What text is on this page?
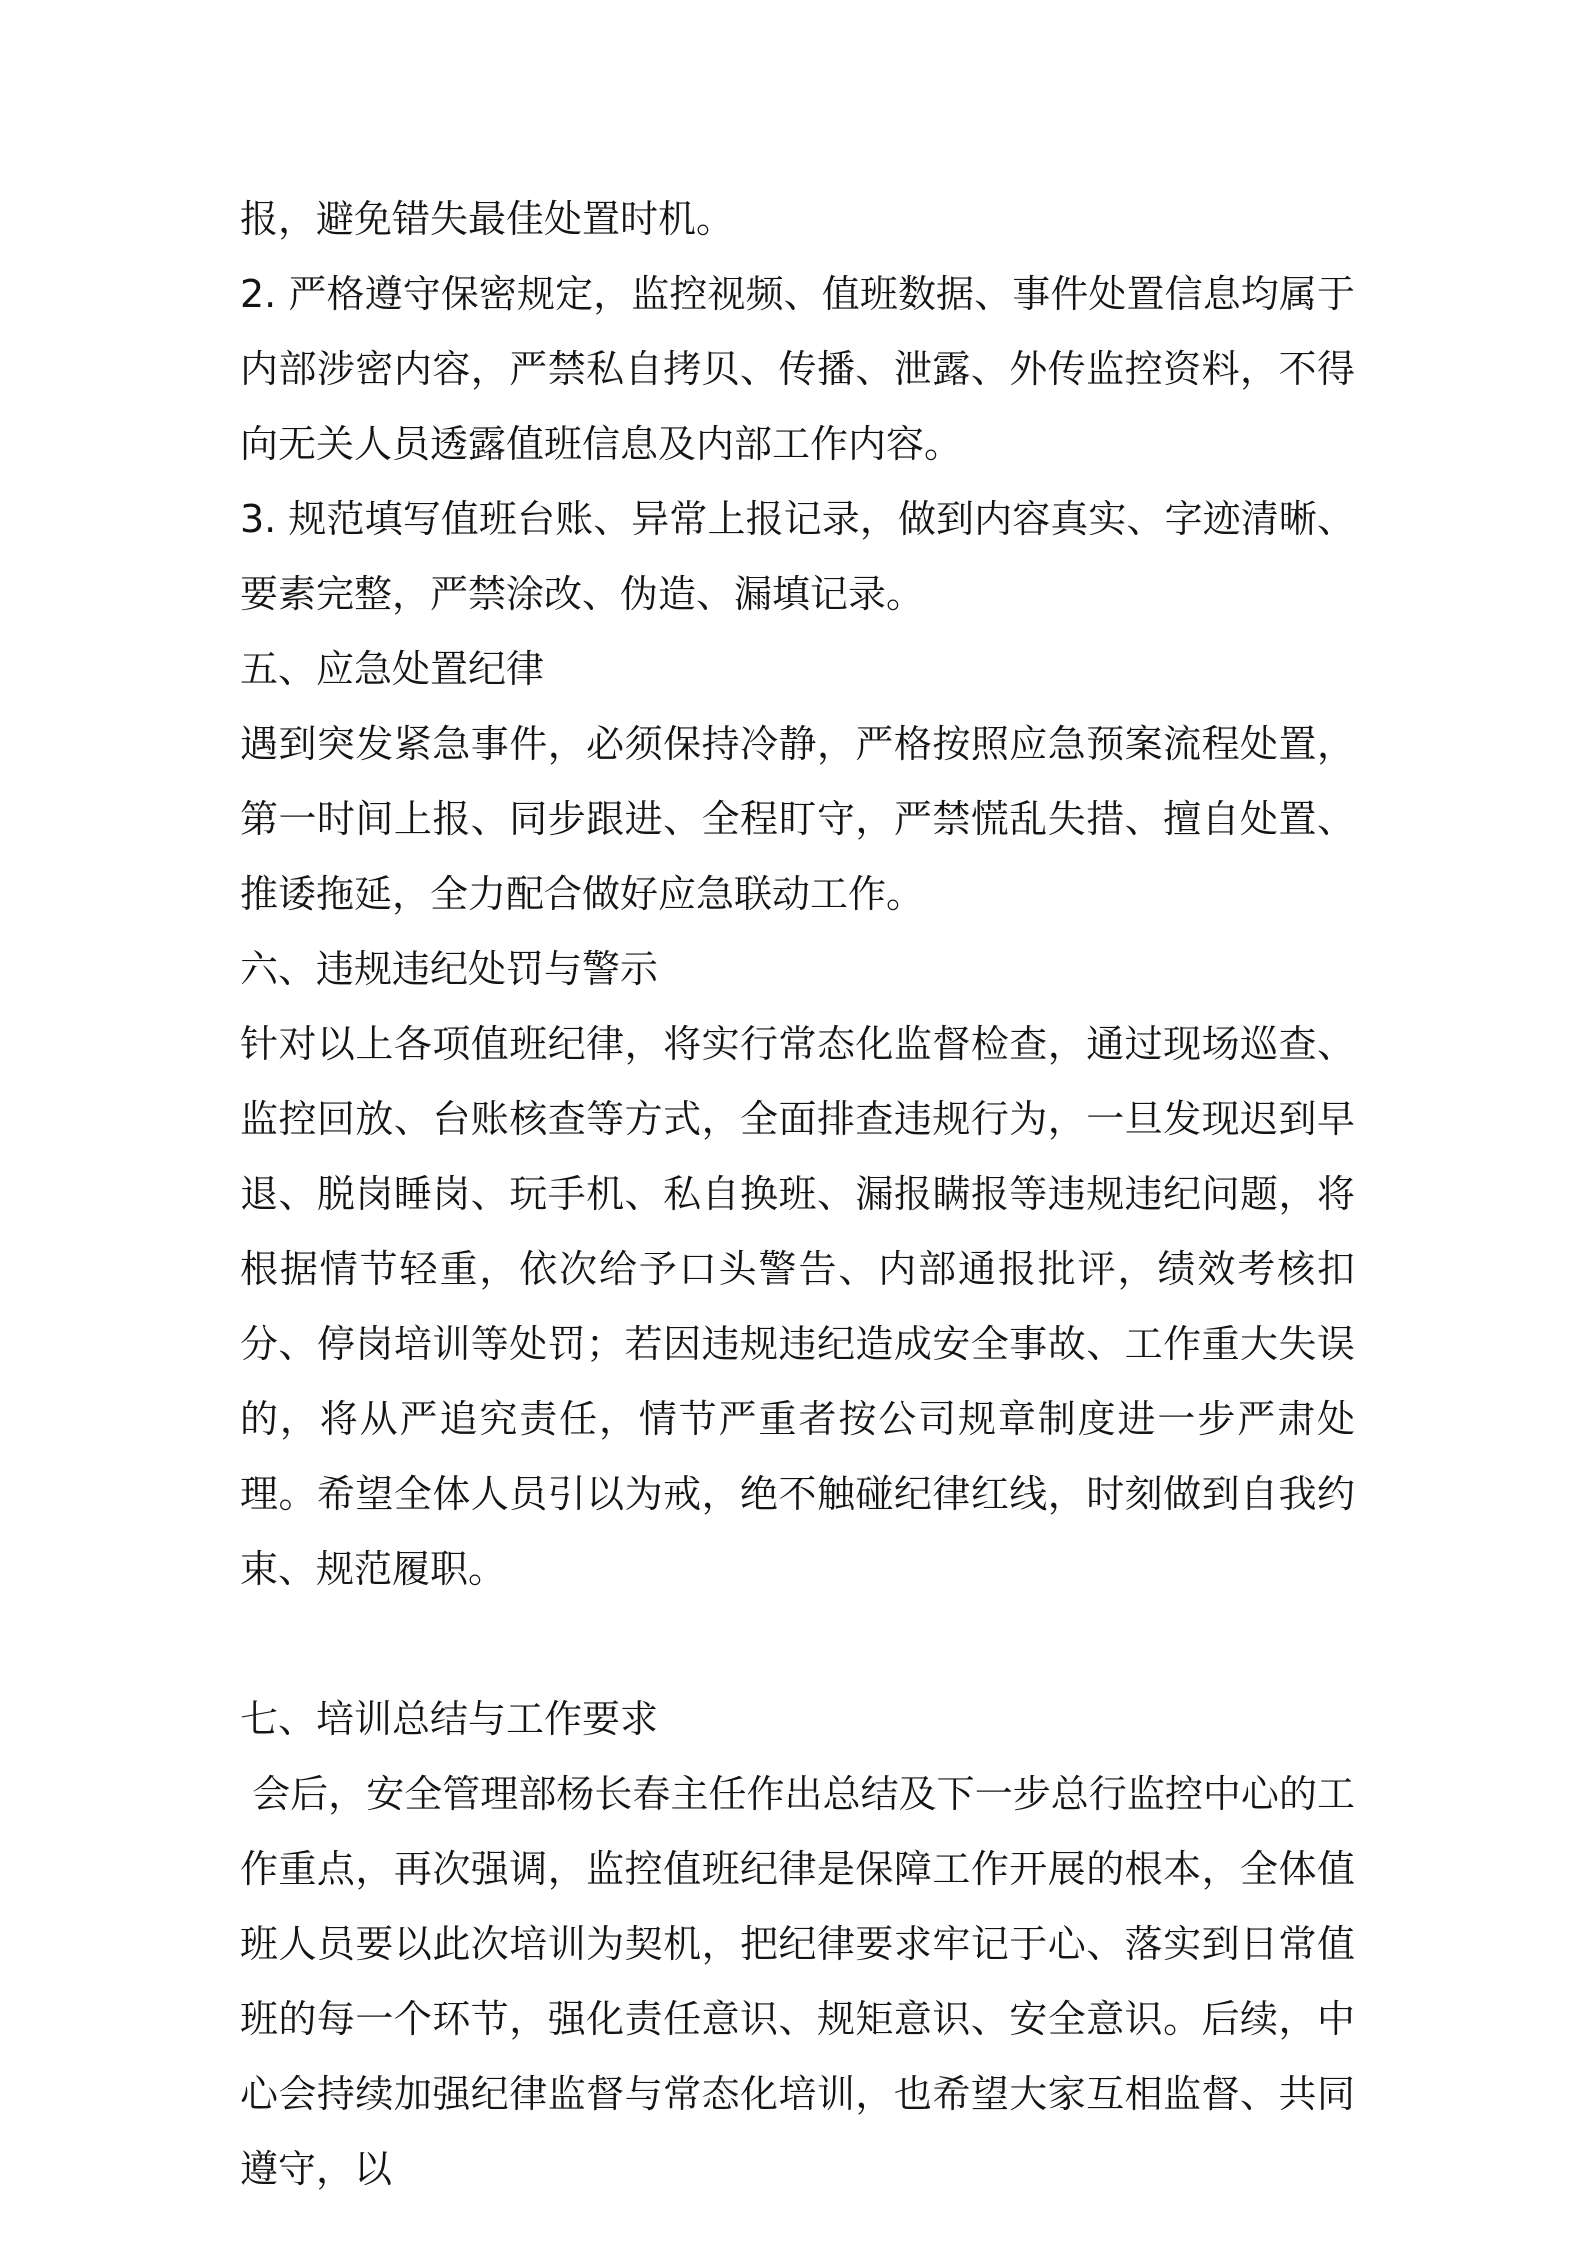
报，避免错失最佳处置时机。

2. 严格遵守保密规定，监控视频、值班数据、事件处置信息均属于内部涉密内容，严禁私自拷贝、传播、泄露、外传监控资料，不得向无关人员透露值班信息及内部工作内容。

3. 规范填写值班台账、异常上报记录，做到内容真实、字迹清晰、要素完整，严禁涂改、伪造、漏填记录。

五、应急处置纪律

遇到突发紧急事件，必须保持冷静，严格按照应急预案流程处置，第一时间上报、同步跟进、全程盯守，严禁慌乱失措、擅自处置、推诿拖延，全力配合做好应急联动工作。

六、违规违纪处罚与警示

针对以上各项值班纪律，将实行常态化监督检查，通过现场巡查、监控回放、台账核查等方式，全面排查违规行为，一旦发现迟到早退、脱岗睡岗、玩手机、私自换班、漏报瞒报等违规违纪问题，将根据情节轻重，依次给予口头警告、内部通报批评，绩效考核扣分、停岗培训等处罚；若因违规违纪造成安全事故、工作重大失误的，将从严追究责任，情节严重者按公司规章制度进一步严肃处理。希望全体人员引以为戒，绝不触碰纪律红线，时刻做到自我约束、规范履职。

七、培训总结与工作要求

会后，安全管理部杨长春主任作出总结及下一步总行监控中心的工作重点，再次强调，监控值班纪律是保障工作开展的根本，全体值班人员要以此次培训为契机，把纪律要求牢记于心、落实到日常值班的每一个环节，强化责任意识、规矩意识、安全意识。后续，中心会持续加强纪律监督与常态化培训，也希望大家互相监督、共同遵守，以
